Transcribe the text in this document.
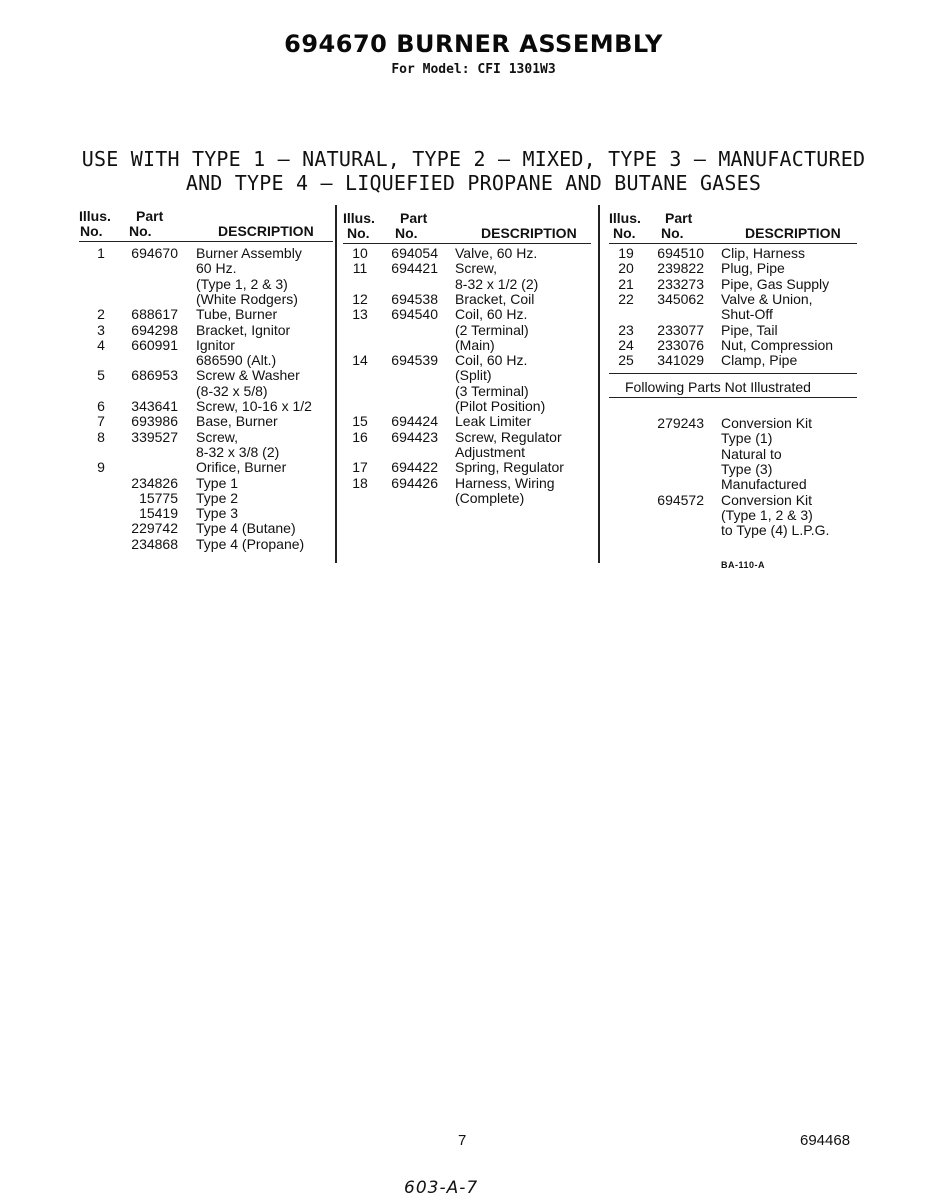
694670 BURNER ASSEMBLY
For Model: CFI 1301W3
USE WITH TYPE 1 — NATURAL, TYPE 2 — MIXED, TYPE 3 — MANUFACTURED
AND TYPE 4 — LIQUEFIED PROPANE AND BUTANE GASES
Illus.
No.
Part
No.	DESCRIPTION
Illus.
No.
Part
No.	DESCRIPTION
Illus.
No.
Part
No.	DESCRIPTION
1	694670 Burner Assembly
60 Hz.
(Type 1, 2 & 3)
(White Rodgers)
2	688617 Tube, Burner
3	694298 Bracket, Ignitor
4	660991 Ignitor
686590 (Alt.)
5	686953 Screw & Washer
(8-32 x 5/8)
6	343641 Screw, 10-16 x 1/2
7	693986 Base, Burner
8	339527 Screw,
8-32 x 3/8 (2)
9	Orifice, Burner
234826 Type 1
15775 Type 2
15419 Type 3
229742 Type 4 (Butane)
234868 Type 4 (Propane)
10	694054 Valve, 60 Hz.
11	694421 Screw,
8-32 x 1/2 (2)
12	694538 Bracket, Coil
13	694540 Coil, 60 Hz.
(2 Terminal)
(Main)
14	694539 Coil, 60 Hz.
(Split)
(3 Terminal)
(Pilot Position)
15	694424 Leak Limiter
16	694423 Screw, Regulator
Adjustment
17	694422 Spring, Regulator
18	694426 Harness, Wiring
(Complete)
19	694510 Clip, Harness
20	239822 Plug, Pipe
21	233273 Pipe, Gas Supply
22	345062 Valve & Union,
Shut-Off
23	233077 Pipe, Tail
24	233076 Nut, Compression
25	341029 Clamp, Pipe
Following Parts Not Illustrated
279243 Conversion Kit
Type (1)
Natural to
Type (3)
Manufactured
694572 Conversion Kit
(Type 1, 2 & 3)
to Type (4) L.P.G.
BA-110-A
7	694468
603-A-7
